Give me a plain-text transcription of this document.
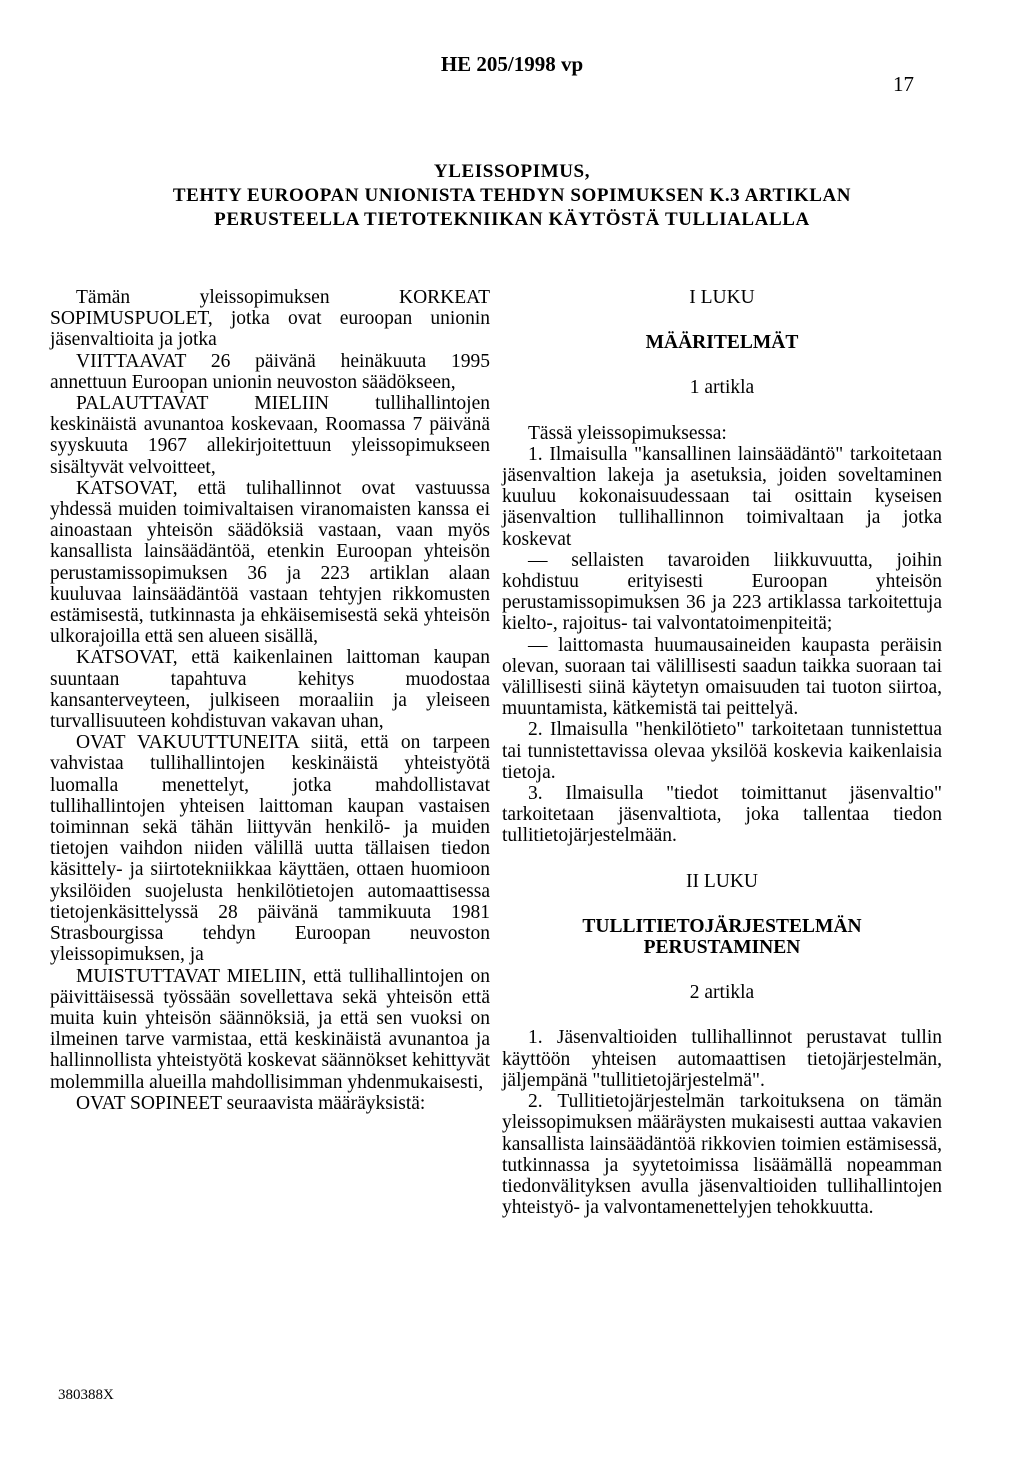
HE 205/1998 vp
17
YLEISSOPIMUS,
TEHTY EUROOPAN UNIONISTA TEHDYN SOPIMUKSEN K.3 ARTIKLAN
PERUSTEELLA TIETOTEKNIIKAN KÄYTÖSTÄ TULLIALALLA

Tämän yleissopimuksen KORKEAT SOPIMUSPUOLET, jotka ovat euroopan unionin jäsenvaltioita ja jotka

VIITTAAVAT 26 päivänä heinäkuuta 1995 annettuun Euroopan unionin neuvoston säädökseen,

PALAUTTAVAT MIELIIN tullihallintojen keskinäistä avunantoa koskevaan, Roomassa 7 päivänä syyskuuta 1967 allekirjoitettuun yleissopimukseen sisältyvät velvoitteet,

KATSOVAT, että tulihallinnot ovat vastuussa yhdessä muiden toimivaltaisen viranomaisten kanssa ei ainoastaan yhteisön säädöksiä vastaan, vaan myös kansallista lainsäädäntöä, etenkin Euroopan yhteisön perustamissopimuksen 36 ja 223 artiklan alaan kuuluvaa lainsäädäntöä vastaan tehtyjen rikkomusten estämisestä, tutkinnasta ja ehkäisemisestä sekä yhteisön ulkorajoilla että sen alueen sisällä,

KATSOVAT, että kaikenlainen laittoman kaupan suuntaan tapahtuva kehitys muodostaa kansanterveyteen, julkiseen moraaliin ja yleiseen turvallisuuteen kohdistuvan vakavan uhan,

OVAT VAKUUTTUNEITA siitä, että on tarpeen vahvistaa tullihallintojen keskinäistä yhteistyötä luomalla menettelyt, jotka mahdollistavat tullihallintojen yhteisen laittoman kaupan vastaisen toiminnan sekä tähän liittyvän henkilö- ja muiden tietojen vaihdon niiden välillä uutta tällaisen tiedon käsittely- ja siirtotekniikkaa käyttäen, ottaen huomioon yksilöiden suojelusta henkilötietojen automaattisessa tietojenkäsittelyssä 28 päivänä tammikuuta 1981 Strasbourgissa tehdyn Euroopan neuvoston yleissopimuksen, ja

MUISTUTTAVAT MIELIIN, että tullihallintojen on päivittäisessä työssään sovellettava sekä yhteisön että muita kuin yhteisön säännöksiä, ja että sen vuoksi on ilmeinen tarve varmistaa, että keskinäistä avunantoa ja hallinnollista yhteistyötä koskevat säännökset kehittyvät molemmilla alueilla mahdollisimman yhdenmukaisesti,

OVAT SOPINEET seuraavista määräyksistä:

I LUKU

MÄÄRITELMÄT

1 artikla

Tässä yleissopimuksessa:

1. Ilmaisulla "kansallinen lainsäädäntö" tarkoitetaan jäsenvaltion lakeja ja asetuksia, joiden soveltaminen kuuluu kokonaisuudessaan tai osittain kyseisen jäsenvaltion tullihallinnon toimivaltaan ja jotka koskevat

— sellaisten tavaroiden liikkuvuutta, joihin kohdistuu erityisesti Euroopan yhteisön perustamissopimuksen 36 ja 223 artiklassa tarkoitettuja kielto-, rajoitus- tai valvontatoimenpiteitä;

— laittomasta huumausaineiden kaupasta peräisin olevan, suoraan tai välillisesti saadun taikka suoraan tai välillisesti siinä käytetyn omaisuuden tai tuoton siirtoa, muuntamista, kätkemistä tai peittelyä.

2. Ilmaisulla "henkilötieto" tarkoitetaan tunnistettua tai tunnistettavissa olevaa yksilöä koskevia kaikenlaisia tietoja.

3. Ilmaisulla "tiedot toimittanut jäsenvaltio" tarkoitetaan jäsenvaltiota, joka tallentaa tiedon tullitietojärjestelmään.

II LUKU

TULLITIETOJÄRJESTELMÄN PERUSTAMINEN

2 artikla

1. Jäsenvaltioiden tullihallinnot perustavat tullin käyttöön yhteisen automaattisen tietojärjestelmän, jäljempänä "tullitietojärjestelmä".

2. Tullitietojärjestelmän tarkoituksena on tämän yleissopimuksen määräysten mukaisesti auttaa vakavien kansallista lainsäädäntöä rikkovien toimien estämisessä, tutkinnassa ja syytetoimissa lisäämällä nopeamman tiedonvälityksen avulla jäsenvaltioiden tullihallintojen yhteistyö- ja valvontamenettelyjen tehokkuutta.

380388X
